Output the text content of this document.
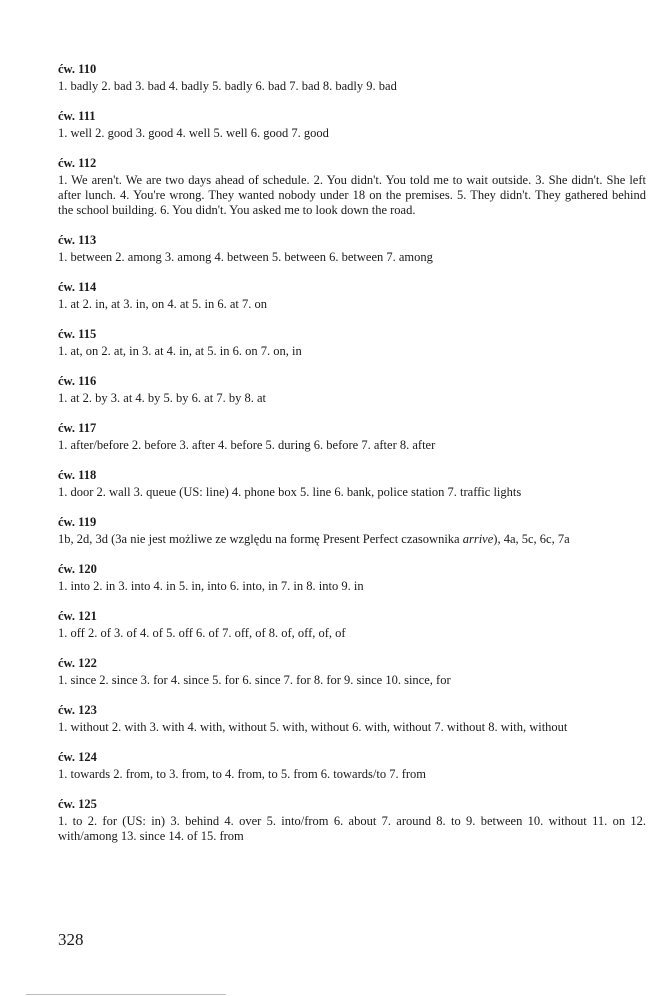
ćw. 110

1. badly 2. bad 3. bad 4. badly 5. badly 6. bad 7. bad 8. badly 9. bad

ćw. 111

1. well 2. good 3. good 4. well 5. well 6. good 7. good

ćw. 112

1. We aren't. We are two days ahead of schedule. 2. You didn't. You told me to wait outside. 3. She didn't. She left after lunch. 4. You're wrong. They wanted nobody under 18 on the premises. 5. They didn't. They gathered behind the school building. 6. You didn't. You asked me to look down the road.

ćw. 113

1. between 2. among 3. among 4. between 5. between 6. between 7. among

ćw. 114

1. at 2. in, at 3. in, on 4. at 5. in 6. at 7. on

ćw. 115

1. at, on 2. at, in 3. at 4. in, at 5. in 6. on 7. on, in

ćw. 116

1. at 2. by 3. at 4. by 5. by 6. at 7. by 8. at

ćw. 117

1. after/before 2. before 3. after 4. before 5. during 6. before 7. after 8. after

ćw. 118

1. door 2. wall 3. queue (US: line) 4. phone box 5. line 6. bank, police station 7. traffic lights

ćw. 119

1b, 2d, 3d (3a nie jest możliwe ze względu na formę Present Perfect czasownika arrive), 4a, 5c, 6c, 7a

ćw. 120

1. into 2. in 3. into 4. in 5. in, into 6. into, in 7. in 8. into 9. in

ćw. 121

1. off 2. of 3. of 4. of 5. off 6. of 7. off, of 8. of, off, of, of

ćw. 122

1. since 2. since 3. for 4. since 5. for 6. since 7. for 8. for 9. since 10. since, for

ćw. 123

1. without 2. with 3. with 4. with, without 5. with, without 6. with, without 7. without 8. with, without

ćw. 124

1. towards 2. from, to 3. from, to 4. from, to 5. from 6. towards/to 7. from

ćw. 125

1. to 2. for (US: in) 3. behind 4. over 5. into/from 6. about 7. around 8. to 9. between 10. without 11. on 12. with/among 13. since 14. of 15. from

328
